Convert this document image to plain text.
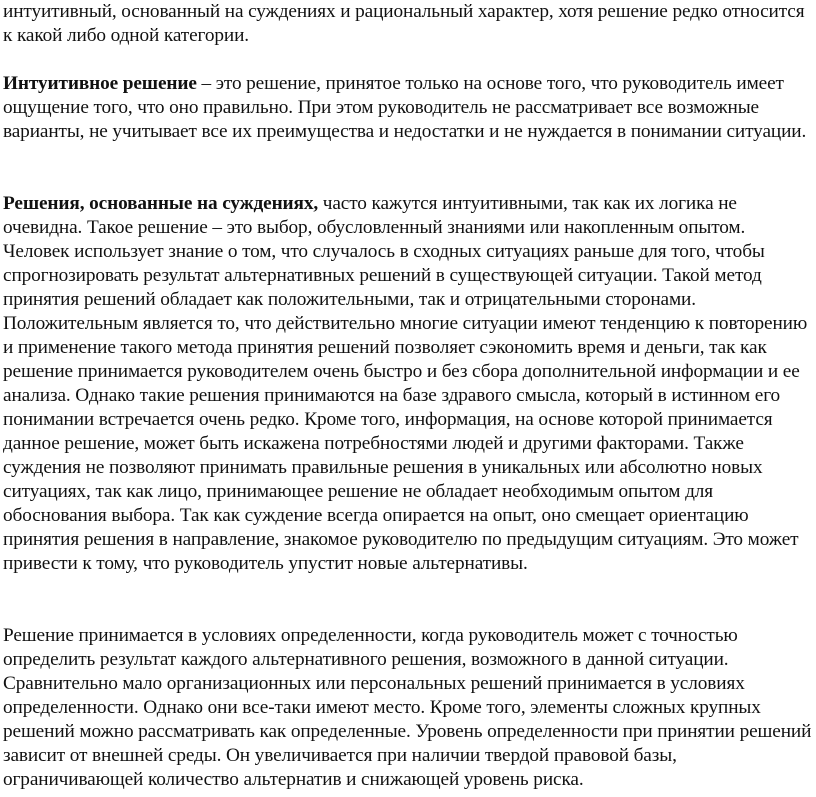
интуитивный, основанный на суждениях и рациональный характер, хотя решение редко относится к какой либо одной категории.

Интуитивное решение – это решение, принятое только на основе того, что руководитель имеет ощущение того, что оно правильно. При этом руководитель не рассматривает все возможные варианты, не учитывает все их преимущества и недостатки и не нуждается в понимании ситуации.

Решения, основанные на суждениях, часто кажутся интуитивными, так как их логика не очевидна. Такое решение – это выбор, обусловленный знаниями или накопленным опытом. Человек использует знание о том, что случалось в сходных ситуациях раньше для того, чтобы спрогнозировать результат альтернативных решений в существующей ситуации. Такой метод принятия решений обладает как положительными, так и отрицательными сторонами. Положительным является то, что действительно многие ситуации имеют тенденцию к повторению и применение такого метода принятия решений позволяет сэкономить время и деньги, так как решение принимается руководителем очень быстро и без сбора дополнительной информации и ее анализа. Однако такие решения принимаются на базе здравого смысла, который в истинном его понимании встречается очень редко. Кроме того, информация, на основе которой принимается данное решение, может быть искажена потребностями людей и другими факторами. Также суждения не позволяют принимать правильные решения в уникальных или абсолютно новых ситуациях, так как лицо, принимающее решение не обладает необходимым опытом для обоснования выбора. Так как суждение всегда опирается на опыт, оно смещает ориентацию принятия решения в направление, знакомое руководителю по предыдущим ситуациям. Это может привести к тому, что руководитель упустит новые альтернативы.

Решение принимается в условиях определенности, когда руководитель может с точностью определить результат каждого альтернативного решения, возможного в данной ситуации. Сравнительно мало организационных или персональных решений принимается в условиях определенности. Однако они все-таки имеют место. Кроме того, элементы сложных крупных решений можно рассматривать как определенные. Уровень определенности при принятии решений зависит от внешней среды. Он увеличивается при наличии твердой правовой базы, ограничивающей количество альтернатив и снижающей уровень риска.
